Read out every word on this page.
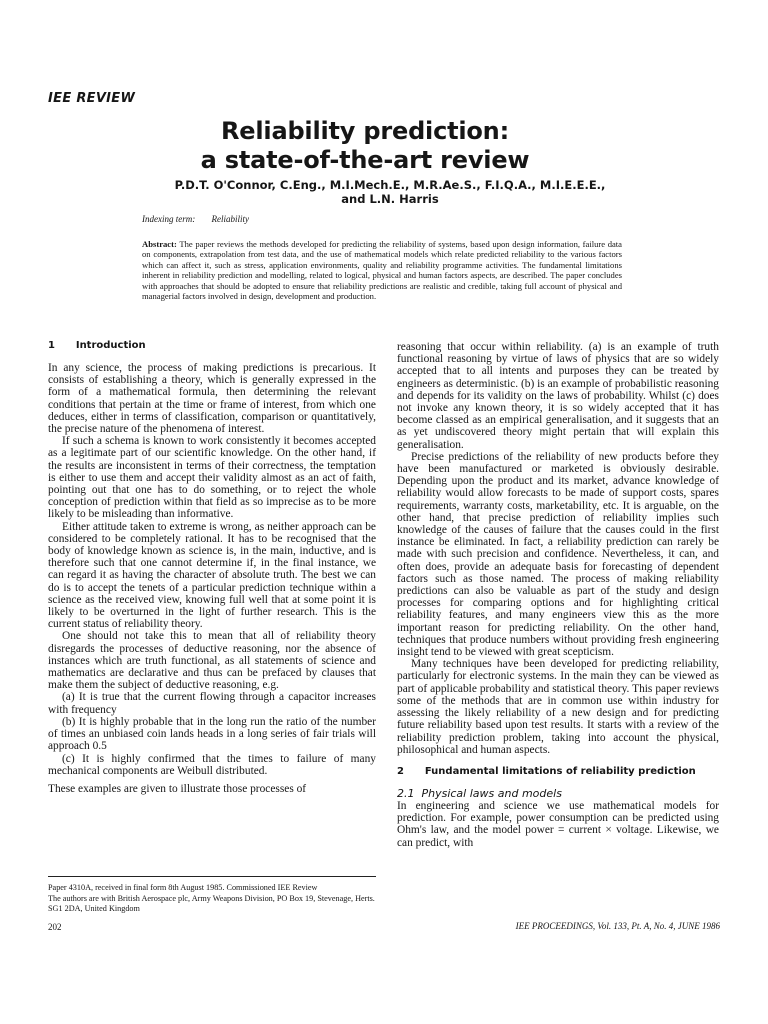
IEE REVIEW
Reliability prediction:
a state-of-the-art review
P.D.T. O'Connor, C.Eng., M.I.Mech.E., M.R.Ae.S., F.I.Q.A., M.I.E.E.E.,
and L.N. Harris
Indexing term: Reliability
Abstract: The paper reviews the methods developed for predicting the reliability of systems, based upon design information, failure data on components, extrapolation from test data, and the use of mathematical models which relate predicted reliability to the various factors which can affect it, such as stress, application environments, quality and reliability programme activities. The fundamental limitations inherent in reliability prediction and modelling, related to logical, physical and human factors aspects, are described. The paper concludes with approaches that should be adopted to ensure that reliability predictions are realistic and credible, taking full account of physical and managerial factors involved in design, development and production.
1      Introduction

In any science, the process of making predictions is precarious. It consists of establishing a theory, which is generally expressed in the form of a mathematical formula, then determining the relevant conditions that pertain at the time or frame of interest, from which one deduces, either in terms of classification, comparison or quantitatively, the precise nature of the phenomena of interest.

If such a schema is known to work consistently it becomes accepted as a legitimate part of our scientific knowledge. On the other hand, if the results are inconsistent in terms of their correctness, the temptation is either to use them and accept their validity almost as an act of faith, pointing out that one has to do something, or to reject the whole conception of prediction within that field as so imprecise as to be more likely to be misleading than informative.

Either attitude taken to extreme is wrong, as neither approach can be considered to be completely rational. It has to be recognised that the body of knowledge known as science is, in the main, inductive, and is therefore such that one cannot determine if, in the final instance, we can regard it as having the character of absolute truth. The best we can do is to accept the tenets of a particular prediction technique within a science as the received view, knowing full well that at some point it is likely to be overturned in the light of further research. This is the current status of reliability theory.

One should not take this to mean that all of reliability theory disregards the processes of deductive reasoning, nor the absence of instances which are truth functional, as all statements of science and mathematics are declarative and thus can be prefaced by clauses that make them the subject of deductive reasoning, e.g.

(a) It is true that the current flowing through a capacitor increases with frequency

(b) It is highly probable that in the long run the ratio of the number of times an unbiased coin lands heads in a long series of fair trials will approach 0.5

(c) It is highly confirmed that the times to failure of many mechanical components are Weibull distributed.

These examples are given to illustrate those processes of

reasoning that occur within reliability. (a) is an example of truth functional reasoning by virtue of laws of physics that are so widely accepted that to all intents and purposes they can be treated by engineers as deterministic. (b) is an example of probabilistic reasoning and depends for its validity on the laws of probability. Whilst (c) does not invoke any known theory, it is so widely accepted that it has become classed as an empirical generalisation, and it suggests that an as yet undiscovered theory might pertain that will explain this generalisation.

Precise predictions of the reliability of new products before they have been manufactured or marketed is obviously desirable. Depending upon the product and its market, advance knowledge of reliability would allow forecasts to be made of support costs, spares requirements, warranty costs, marketability, etc. It is arguable, on the other hand, that precise prediction of reliability implies such knowledge of the causes of failure that the causes could in the first instance be eliminated. In fact, a reliability prediction can rarely be made with such precision and confidence. Nevertheless, it can, and often does, provide an adequate basis for forecasting of dependent factors such as those named. The process of making reliability predictions can also be valuable as part of the study and design processes for comparing options and for highlighting critical reliability features, and many engineers view this as the more important reason for predicting reliability. On the other hand, techniques that produce numbers without providing fresh engineering insight tend to be viewed with great scepticism.

Many techniques have been developed for predicting reliability, particularly for electronic systems. In the main they can be viewed as part of applicable probability and statistical theory. This paper reviews some of the methods that are in common use within industry for assessing the likely reliability of a new design and for predicting future reliability based upon test results. It starts with a review of the reliability prediction problem, taking into account the physical, philosophical and human aspects.

2      Fundamental limitations of reliability prediction
2.1  Physical laws and models

In engineering and science we use mathematical models for prediction. For example, power consumption can be predicted using Ohm's law, and the model power = current × voltage. Likewise, we can predict, with

Paper 4310A, received in final form 8th August 1985. Commissioned IEE Review
The authors are with British Aerospace plc, Army Weapons Division, PO Box 19, Stevenage, Herts. SG1 2DA, United Kingdom
202	IEE PROCEEDINGS, Vol. 133, Pt. A, No. 4, JUNE 1986
